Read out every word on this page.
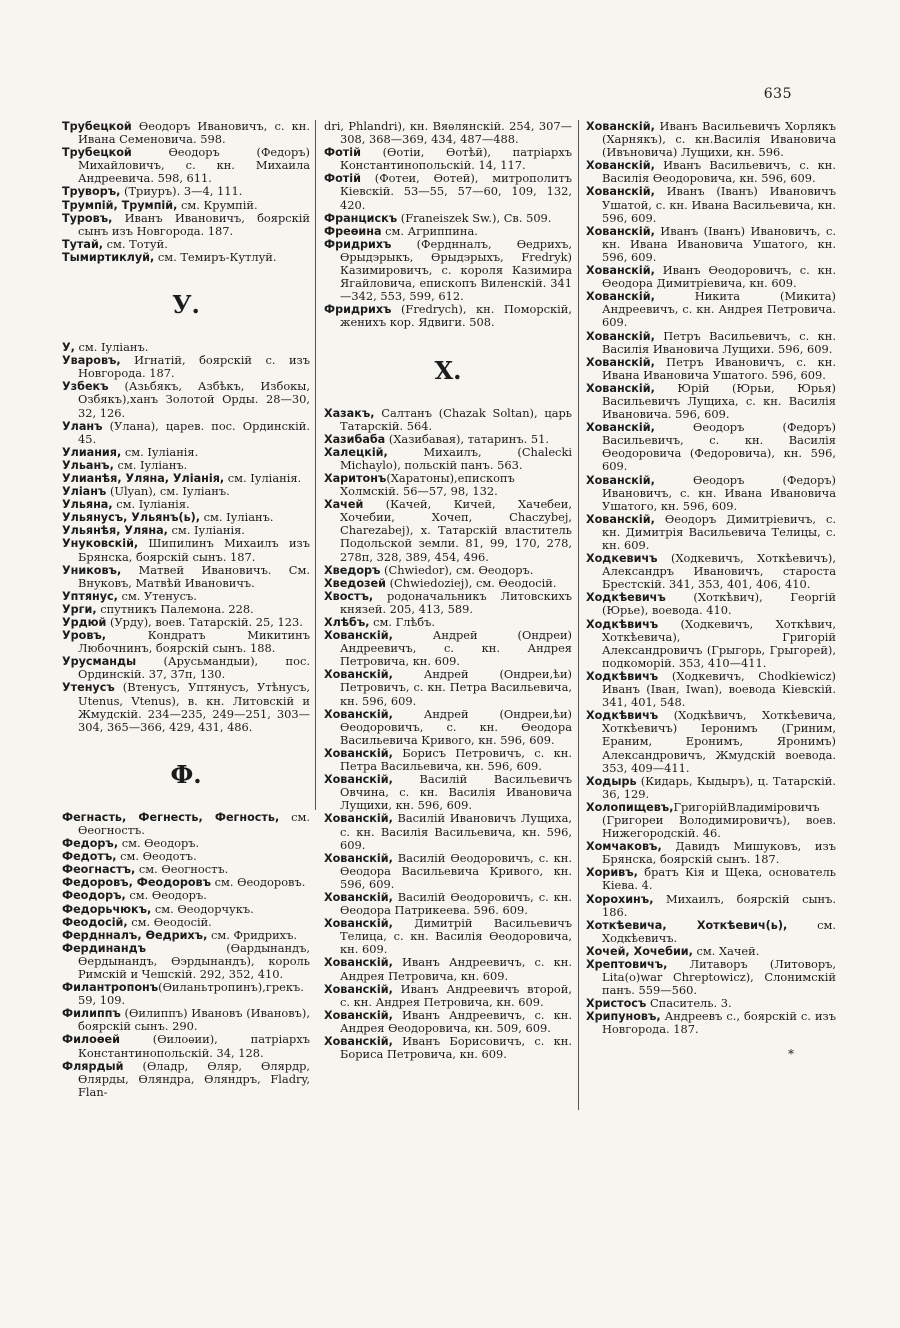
635
Трубецкой Ѳеодоръ Ивановичъ, с. кн. Ивана Семеновича. 598.
Трубецкой Ѳеодоръ (Федоръ) Михайловичъ, с. кн. Михаила Андреевича. 598, 611.
Труворъ, (Триуръ). 3—4, 111.
Трумпій, Трумпій, см. Крумпій.
Туровъ, Иванъ Ивановичъ, боярскій сынъ изъ Новгорода. 187.
Тутай, см. Тотуй.
Тымиртиклуй, см. Темиръ-Кутлуй.
У.
У, см. Іуліанъ.
Уваровъ, Игнатій, боярскій с. изъ Новгорода. 187.
Узбекъ (Азьбякъ, Азбѣкъ, Избокы, Озбякъ),ханъ Золотой Орды. 28—30, 32, 126.
Уланъ (Улана), царев. пос. Ординскій. 45.
Улиания, см. Іуліанія.
Ульанъ, см. Іуліанъ.
Улианѣя, Уляна, Уліанія, см. Іуліанія.
Уліанъ (Ulyan), см. Іуліанъ.
Ульяна, см. Іуліанія.
Ульянусъ, Ульянъ(ь), см. Іуліанъ.
Ульянѣя, Уляна, см. Іуліанія.
Унуковскій, Шипилинъ Михаилъ изъ Брянска, боярскій сынъ. 187.
Униковъ, Матвей Ивановичъ. См. Внуковъ, Матвѣй Ивановичъ.
Уптянус, см. Утенусъ.
Урги, спутникъ Палемона. 228.
Урдюй (Урду), воев. Татарскій. 25, 123.
Уровъ, Кондратъ Микитинъ Любочнинъ, боярскій сынъ. 188.
Урусманды (Арусьмандыи), пос. Ординскій. 37, 37п, 130.
Утенусъ (Втенусъ, Уптянусъ, Утѣнусъ, Utenus, Vtenus), в. кн. Литовскій и Жмудскій. 234—235, 249—251, 303—304, 365—366, 429, 431, 486.
Ф.
Фегнасть, Фегнесть, Фегность, см. Ѳеогностъ.
Федоръ, см. Ѳеодоръ.
Федотъ, см. Ѳеодотъ.
Феогнастъ, см. Ѳеогностъ.
Федоровъ, Феодоровъ см. Ѳеодоровъ.
Феодоръ, см. Ѳеодоръ.
Федорьчюкъ, см. Ѳеодорчукъ.
Феодосій, см. Ѳеодосій.
Ферднналъ, Ѳедрихъ, см. Фридрихъ.
Фердинандъ (Ѳардынандъ, Ѳердынандъ, Ѳэрдынандъ), король Римскій и Чешскій. 292, 352, 410.
Филантропонъ(Ѳиланьтропинъ),грекъ. 59, 109.
Филиппъ (Ѳилиппъ) Ивановъ (Ивановъ), боярскій сынъ. 290.
Филоѳей (Ѳилоѳии), патріархъ Константинопольскій. 34, 128.
Флярдый (Ѳладр, Ѳляр, Ѳлярдр, Ѳлярды, Ѳляндра, Ѳляндръ, Fladry, Flan-
dri, Phlandri), кн. Вяѳлянскій. 254, 307—308, 368—369, 434, 487—488.
Фотій (Ѳотіи, Ѳотѣй), патріархъ Константинопольскій. 14, 117.
Фотій (Фотеи, Ѳотей), митрополитъ Кіевскій. 53—55, 57—60, 109, 132, 420.
Францискъ (Franeiszek Sw.), Св. 509.
Фреѳина см. Агриппина.
Фридрихъ (Ферднналъ, Ѳедрихъ, Ѳрыдэрыкъ, Ѳрыдэрыхъ, Fredryk) Казимировичъ, с. короля Казимира Ягайловича, епископъ Виленскій. 341—342, 553, 599, 612.
Фридрихъ (Fredrych), кн. Поморскій, женихъ кор. Ядвиги. 508.
Х.
Хазакъ, Салтанъ (Chazak Soltan), царь Татарскій. 564.
Хазибаба (Хазибавая), татаринъ. 51.
Халецкій, Михаилъ, (Chalecki Michaylo), польскій панъ. 563.
Харитонъ(Харатоны),епископъ Холмскій. 56—57, 98, 132.
Хачей (Качей, Кичей, Хачебеи, Хочебии, Хочеп, Chaczybej, Charezabej), х. Татарскій властитель Подольской земли. 81, 99, 170, 278, 278п, 328, 389, 454, 496.
Хведоръ (Chwiedor), см. Ѳеодоръ.
Хведозей (Chwiedoziej), см. Ѳеодосій.
Хвостъ, родоначальникъ Литовскихъ князей. 205, 413, 589.
Хлѣбъ, см. Глѣбъ.
Хованскій, Андрей (Ондреи) Андреевичъ, с. кн. Андрея Петровича, кн. 609.
Хованскій, Андрей (Ондреи,ѣи) Петровичъ, с. кн. Петра Васильевича, кн. 596, 609.
Хованскій, Андрей (Ондреи,ѣи) Ѳеодоровичъ, с. кн. Ѳеодора Васильевича Кривого, кн. 596, 609.
Хованскій, Борисъ Петровичъ, с. кн. Петра Васильевича, кн. 596, 609.
Хованскій, Василій Васильевичъ Овчина, с. кн. Василія Ивановича Лущихи, кн. 596, 609.
Хованскій, Василій Ивановичъ Лущиха, с. кн. Василія Васильевича, кн. 596, 609.
Хованскій, Василій Ѳеодоровичъ, с. кн. Ѳеодора Васильевича Кривого, кн. 596, 609.
Хованскій, Василій Ѳеодоровичъ, с. кн. Ѳеодора Патрикеева. 596. 609.
Хованскій, Димитрій Васильевичъ Телица, с. кн. Василія Ѳеодоровича, кн. 609.
Хованскій, Иванъ Андреевичъ, с. кн. Андрея Петровича, кн. 609.
Хованскій, Иванъ Андреевичъ второй, с. кн. Андрея Петровича, кн. 609.
Хованскій, Иванъ Андреевичъ, с. кн. Андрея Ѳеодоровича, кн. 509, 609.
Хованскій, Иванъ Борисовичъ, с. кн. Бориса Петровича, кн. 609.
Хованскій, Иванъ Васильевичъ Хорлякъ (Харнякъ), с. кн.Василія Ивановича (Ивъновича) Лущихи, кн. 596.
Хованскій, Иванъ Васильевичъ, с. кн. Василія Ѳеодоровича, кн. 596, 609.
Хованскій, Иванъ (Іванъ) Ивановичъ Ушатой, с. кн. Ивана Васильевича, кн. 596, 609.
Хованскій, Иванъ (Іванъ) Ивановичъ, с. кн. Ивана Ивановича Ушатого, кн. 596, 609.
Хованскій, Иванъ Ѳеодоровичъ, с. кн. Ѳеодора Димитріевича, кн. 609.
Хованскій, Никита (Микита) Андреевичъ, с. кн. Андрея Петровича. 609.
Хованскій, Петръ Васильевичъ, с. кн. Василія Ивановича Лущихи. 596, 609.
Хованскій, Петръ Ивановичъ, с. кн. Ивана Ивановича Ушатого. 596, 609.
Хованскій, Юрій (Юрьи, Юрья) Васильевичъ Лущиха, с. кн. Василія Ивановича. 596, 609.
Хованскій, Ѳеодоръ (Федоръ) Васильевичъ, с. кн. Василія Ѳеодоровича (Федоровича), кн. 596, 609.
Хованскій, Ѳеодоръ (Федоръ) Ивановичъ, с. кн. Ивана Ивановича Ушатого, кн. 596, 609.
Хованскій, Ѳеодоръ Димитріевичъ, с. кн. Димитрія Васильевича Телицы, с. кн. 609.
Ходкевичъ (Ходкевичъ, Хоткѣевичъ), Александръ Ивановичъ, староста Брестскій. 341, 353, 401, 406, 410.
Ходкѣевичъ (Хоткѣвич), Георгій (Юрье), воевода. 410.
Ходкѣвичъ (Ходкевичъ, Хоткѣвич, Хоткѣевича), Григорій Александровичъ (Грыгорь, Грыгорей), подкоморій. 353, 410—411.
Ходкѣвичъ (Ходкевичъ, Chodkiewicz) Иванъ (Іван, Iwan), воевода Кіевскій. 341, 401, 548.
Ходкѣвичъ (Ходкѣвичъ, Хоткѣевича, Хоткѣевичъ) Іеронимъ (Гриним, Ераним, Еронимъ, Яронимъ) Александровичъ, Жмудскій воевода. 353, 409—411.
Ходырь (Кидарь, Кыдыръ), ц. Татарскій. 36, 129.
Холопищевъ,ГригорійВладиміровичъ (Григореи Володимировичъ), воев. Нижегородскій. 46.
Хомчаковъ, Давидъ Мишуковъ, изъ Брянска, боярскій сынъ. 187.
Хоривъ, братъ Кія и Щека, основатель Кіева. 4.
Хорохинъ, Михаилъ, боярскій сынъ. 186.
Хоткѣевича, Хоткѣевич(ь), см. Ходкѣевичъ.
Хочей, Хочебии, см. Хачей.
Хрептовичъ, Литаворъ (Литоворъ, Lita(o)war Chreptowicz), Слонимскій панъ. 559—560.
Христосъ Спаситель. 3.
Хрипуновъ, Андреевъ с., боярскій с. изъ Новгорода. 187.
*
